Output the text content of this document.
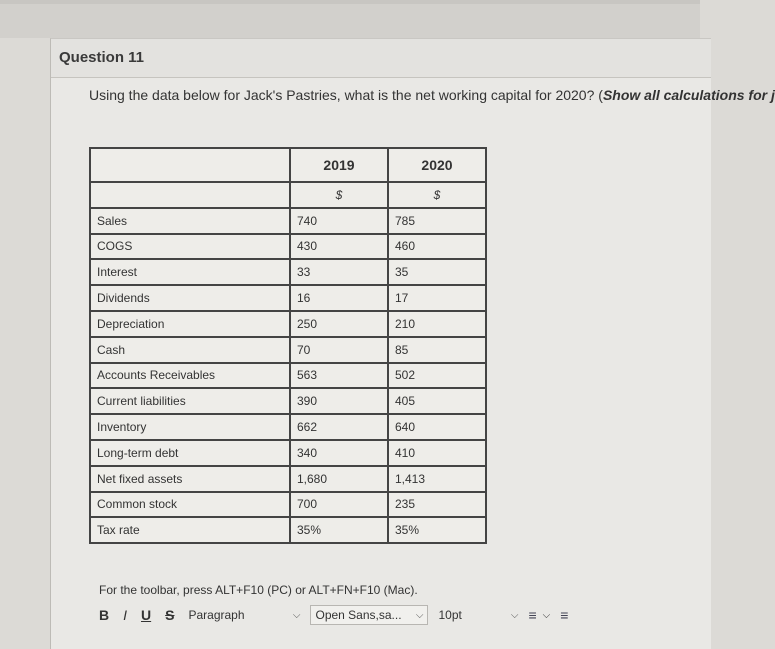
Question 11
Using the data below for Jack's Pastries, what is the net working capital for 2020? (Show all calculations for j
	2019	2020
	$	$
Sales	740	785
COGS	430	460
Interest	33	35
Dividends	16	17
Depreciation	250	210
Cash	70	85
Accounts Receivables	563	502
Current liabilities	390	405
Inventory	662	640
Long-term debt	340	410
Net fixed assets	1,680	1,413
Common stock	700	235
Tax rate	35%	35%
For the toolbar, press ALT+F10 (PC) or ALT+FN+F10 (Mac).
B I U S Paragraph	⌵ Open Sans,sa... ⌵ 10pt	⌵ ≡ ⌵ ≡
